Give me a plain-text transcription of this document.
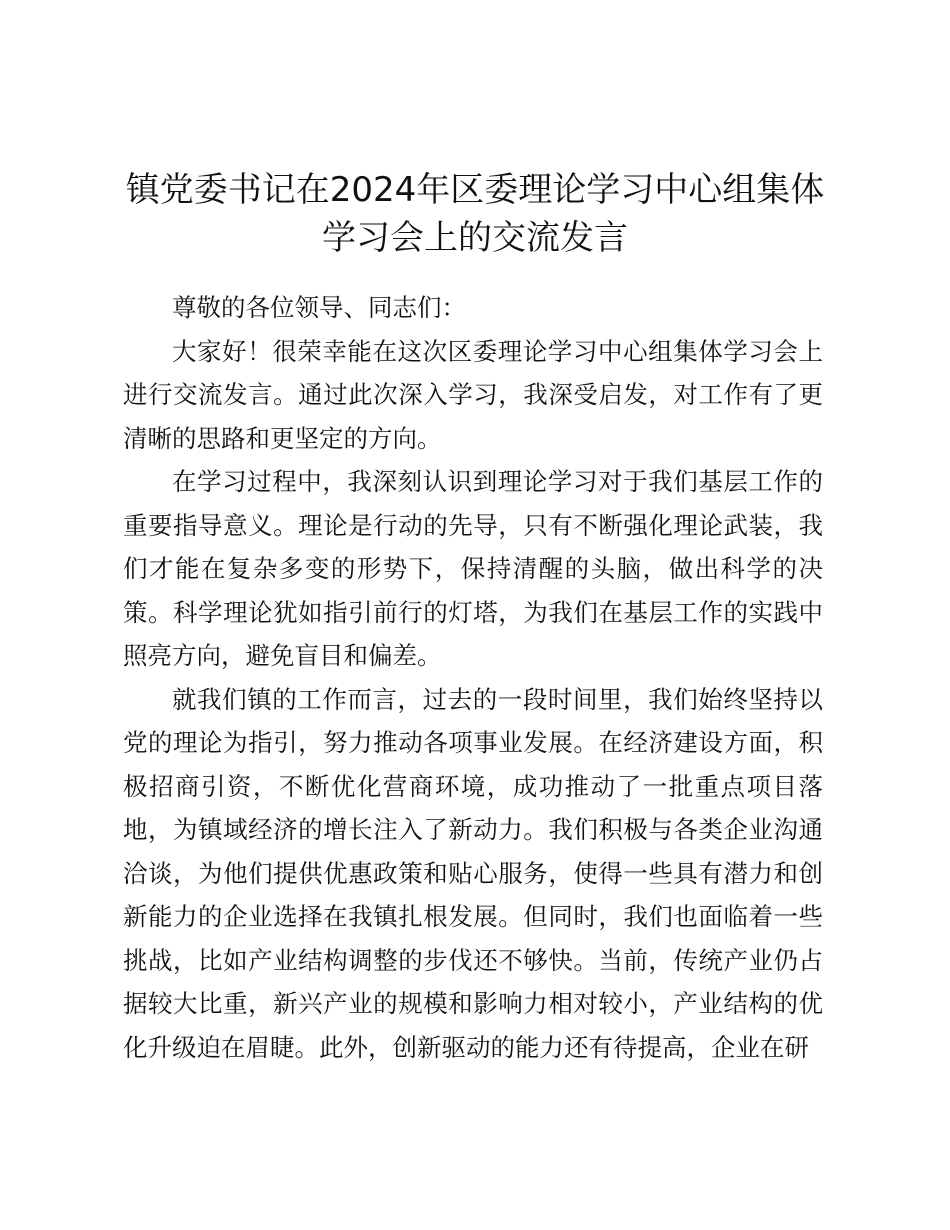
镇党委书记在2024年区委理论学习中心组集体学习会上的交流发言

尊敬的各位领导、同志们：

大家好！很荣幸能在这次区委理论学习中心组集体学习会上进行交流发言。通过此次深入学习，我深受启发，对工作有了更清晰的思路和更坚定的方向。

在学习过程中，我深刻认识到理论学习对于我们基层工作的重要指导意义。理论是行动的先导，只有不断强化理论武装，我们才能在复杂多变的形势下，保持清醒的头脑，做出科学的决策。科学理论犹如指引前行的灯塔，为我们在基层工作的实践中照亮方向，避免盲目和偏差。

就我们镇的工作而言，过去的一段时间里，我们始终坚持以党的理论为指引，努力推动各项事业发展。在经济建设方面，积极招商引资，不断优化营商环境，成功推动了一批重点项目落地，为镇域经济的增长注入了新动力。我们积极与各类企业沟通洽谈，为他们提供优惠政策和贴心服务，使得一些具有潜力和创新能力的企业选择在我镇扎根发展。但同时，我们也面临着一些挑战，比如产业结构调整的步伐还不够快。当前，传统产业仍占据较大比重，新兴产业的规模和影响力相对较小，产业结构的优化升级迫在眉睫。此外，创新驱动的能力还有待提高，企业在研
